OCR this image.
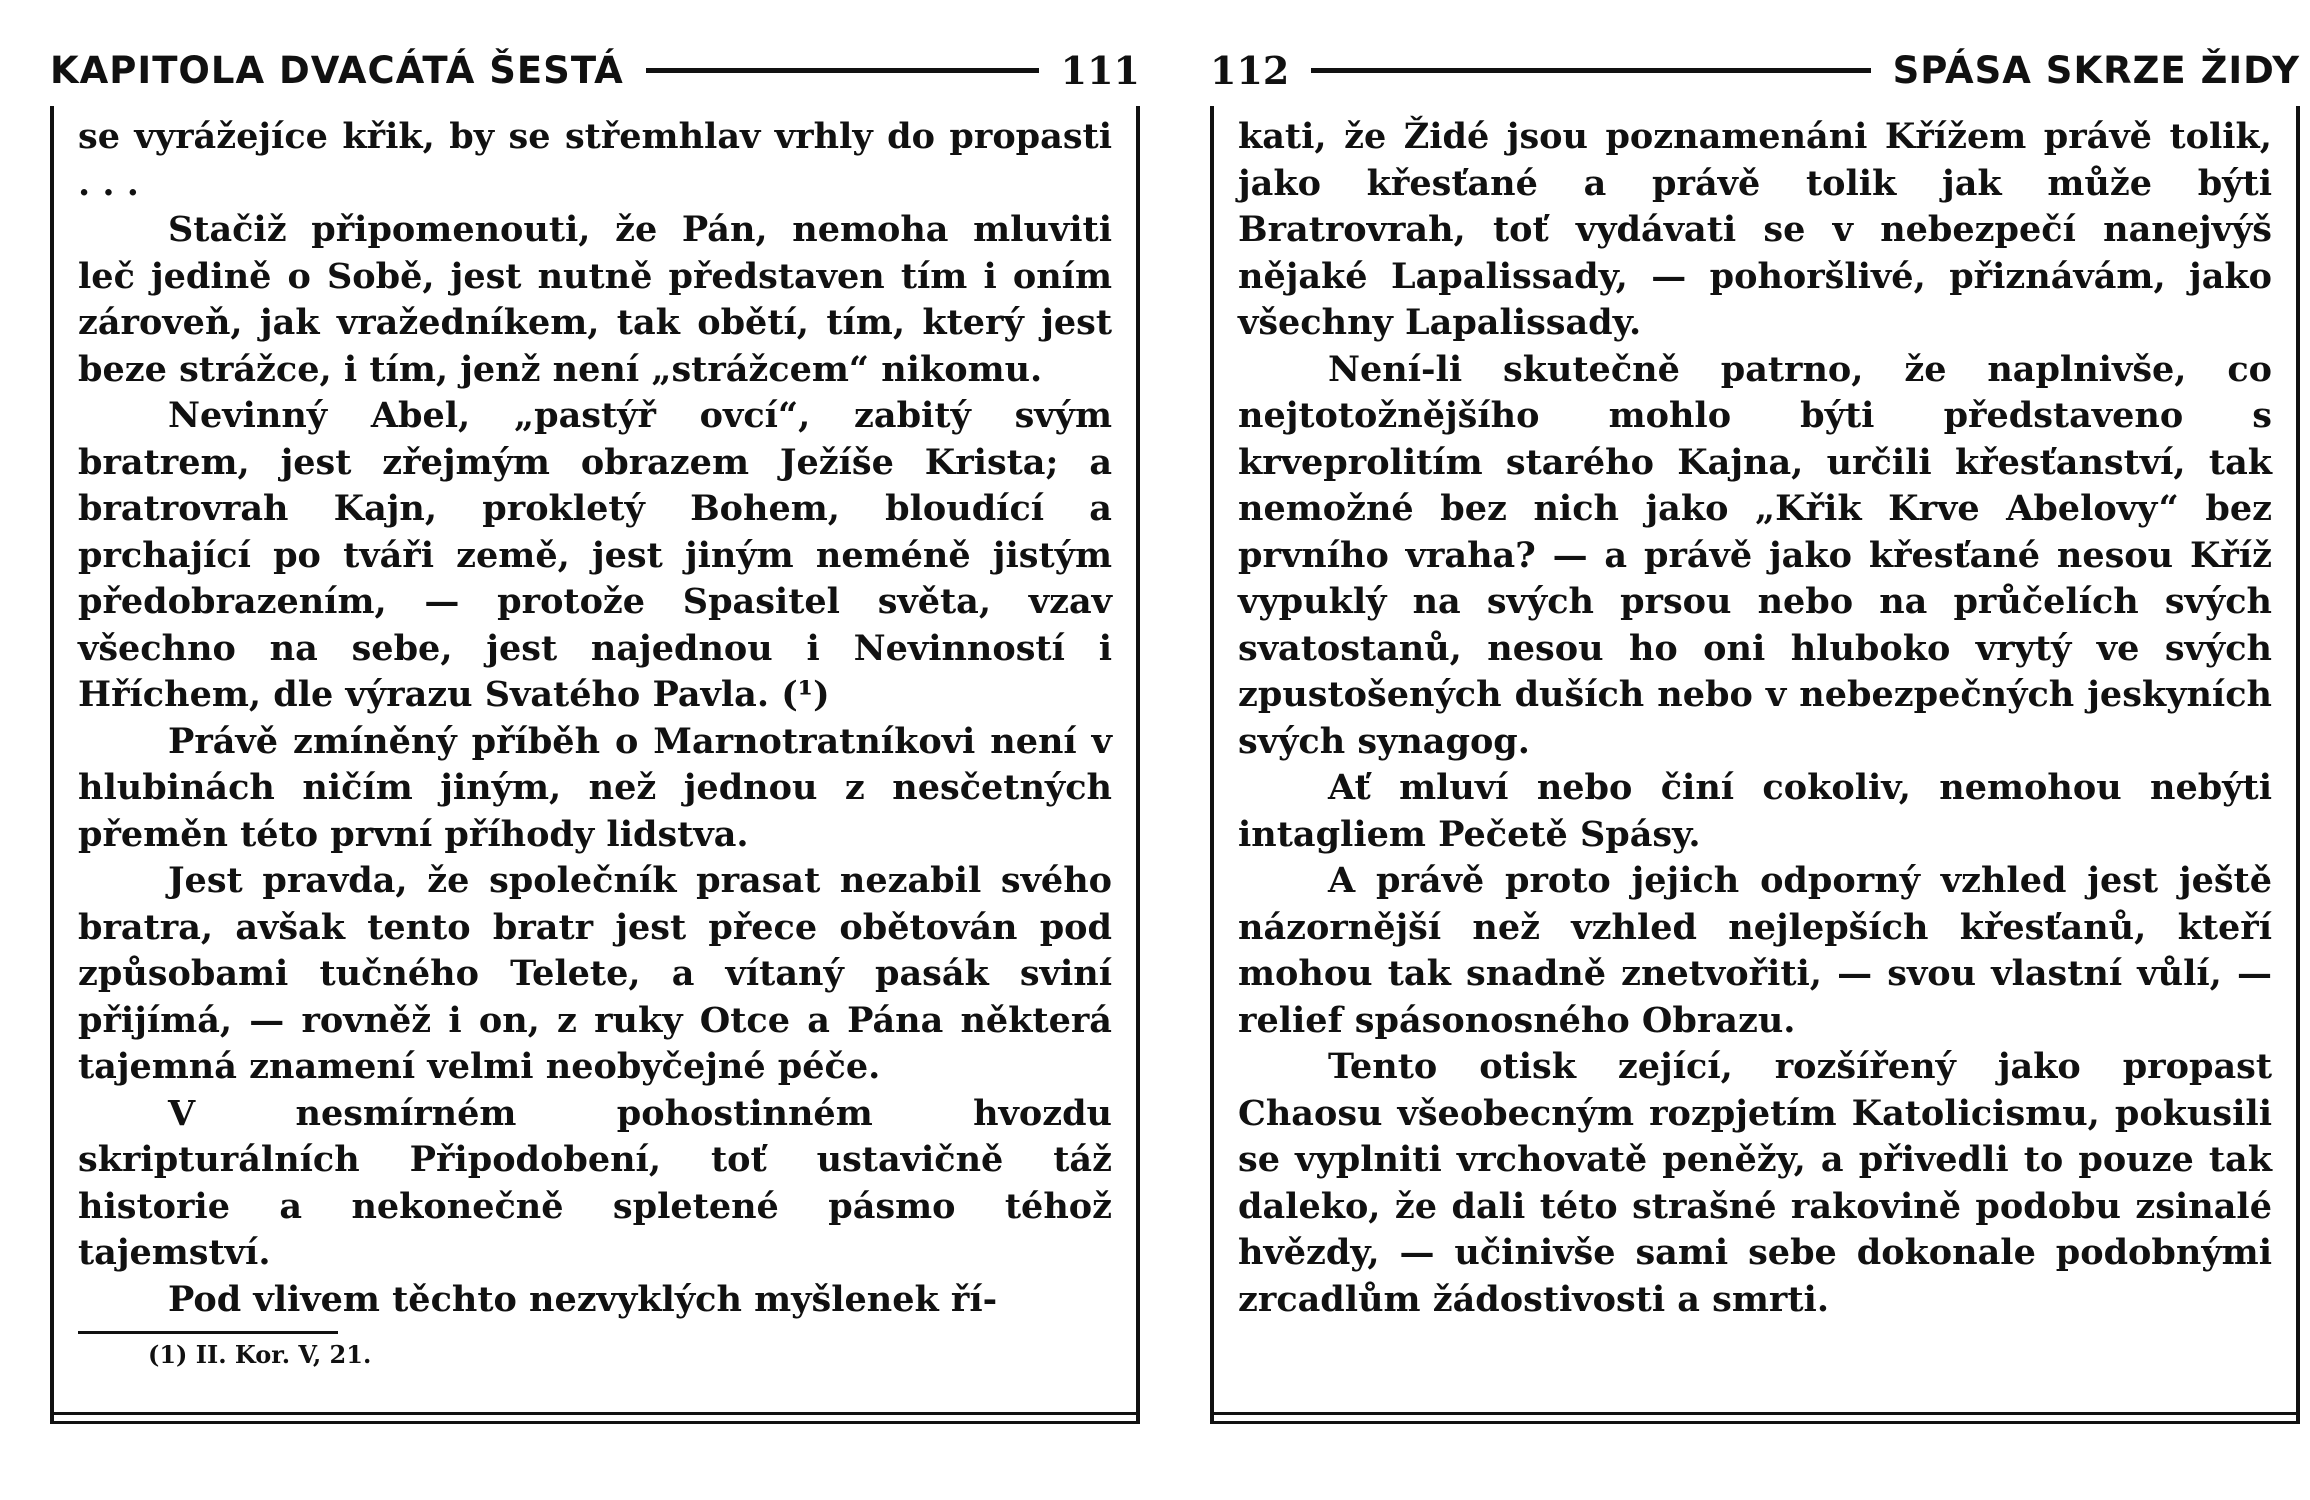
KAPITOLA DVACÁTÁ ŠESTÁ	111

se vyrážejíce křik, by se střemhlav vrhly do propasti . . .

Stačiž připomenouti, že Pán, nemoha mluviti leč jedině o Sobě, jest nutně představen tím i oním zároveň, jak vražedníkem, tak obětí, tím, který jest beze strážce, i tím, jenž není „strážcem“ nikomu.

Nevinný Abel, „pastýř ovcí“, zabitý svým bratrem, jest zřejmým obrazem Ježíše Krista; a bratrovrah Kajn, prokletý Bohem, bloudící a prchající po tváři země, jest jiným neméně jistým předobrazením, — protože Spasitel světa, vzav všechno na sebe, jest najednou i Nevinností i Hříchem, dle výrazu Svatého Pavla. (¹)

Právě zmíněný příběh o Marnotratníkovi není v hlubinách ničím jiným, než jednou z nesčetných přeměn této první příhody lidstva.

Jest pravda, že společník prasat nezabil svého bratra, avšak tento bratr jest přece obětován pod způsobami tučného Telete, a vítaný pasák sviní přijímá, — rovněž i on, z ruky Otce a Pána některá tajemná znamení velmi neobyčejné péče.

V nesmírném pohostinném hvozdu skripturálních Připodobení, toť ustavičně táž historie a nekonečně spletené pásmo téhož tajemství.

Pod vlivem těchto nezvyklých myšlenek ří-

(1) II. Kor. V, 21.
112	SPÁSA SKRZE ŽIDY

kati, že Židé jsou poznamenáni Křížem právě tolik, jako křesťané a právě tolik jak může býti Bratrovrah, toť vydávati se v nebezpečí nanejvýš nějaké Lapalissady, — pohoršlivé, přiznávám, jako všechny Lapalissady.

Není-li skutečně patrno, že naplnivše, co nejtotožnějšího mohlo býti představeno s krveprolitím starého Kajna, určili křesťanství, tak nemožné bez nich jako „Křik Krve Abelovy“ bez prvního vraha? — a právě jako křesťané nesou Kříž vypuklý na svých prsou nebo na průčelích svých svatostanů, nesou ho oni hluboko vrytý ve svých zpustošených duších nebo v nebezpečných jeskyních svých synagog.

Ať mluví nebo činí cokoliv, nemohou nebýti intagliem Pečetě Spásy.

A právě proto jejich odporný vzhled jest ještě názornější než vzhled nejlepších křesťanů, kteří mohou tak snadně znetvořiti, — svou vlastní vůlí, — relief spásonosného Obrazu.

Tento otisk zející, rozšířený jako propast Chaosu všeobecným rozpjetím Katolicismu, pokusili se vyplniti vrchovatě peněžy, a přivedli to pouze tak daleko, že dali této strašné rakovině podobu zsinalé hvězdy, — učinivše sami sebe dokonale podobnými zrcadlům žádostivosti a smrti.
